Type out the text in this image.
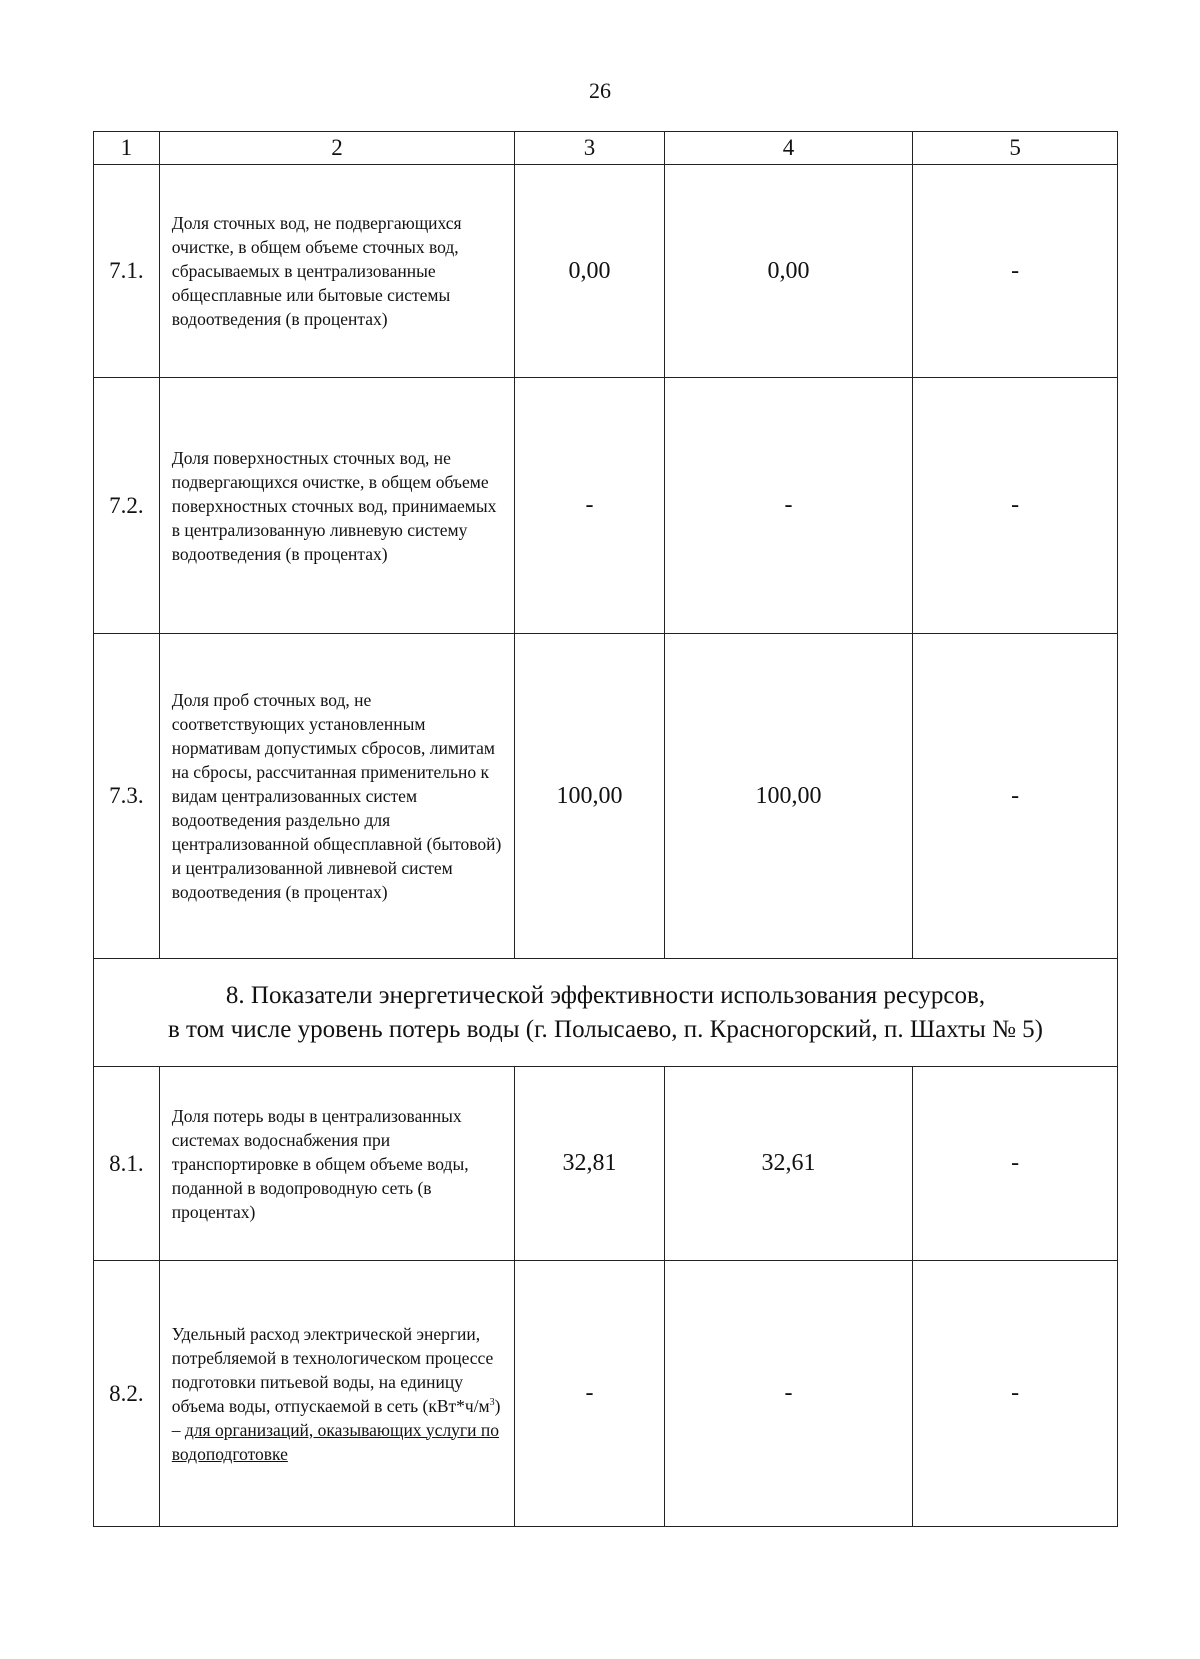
26
1	2	3	4	5
7.1.	Доля сточных вод, не подвергающихся очистке, в общем объеме сточных вод, сбрасываемых в централизованные общесплавные или бытовые системы водоотведения (в процентах)	0,00	0,00	-
7.2.	Доля поверхностных сточных вод, не подвергающихся очистке, в общем объеме поверхностных сточных вод, принимаемых в централизованную ливневую систему водоотведения (в процентах)	-	-	-
7.3.	Доля проб сточных вод, не соответствующих установленным нормативам допустимых сбросов, лимитам на сбросы, рассчитанная применительно к видам централизованных систем водоотведения раздельно для централизованной общесплавной (бытовой) и централизованной ливневой систем водоотведения (в процентах)	100,00	100,00	-

8. Показатели энергетической эффективности использования ресурсов,
в том числе уровень потерь воды (г. Полысаево, п. Красногорский, п. Шахты № 5)				

8.1.	Доля потерь воды в централизованных системах водоснабжения при транспортировке в общем объеме воды, поданной в водопроводную сеть (в процентах)	32,81	32,61	-
8.2.	Удельный расход электрической энергии, потребляемой в технологическом процессе подготовки питьевой воды, на единицу объема воды, отпускаемой в сеть $(кВт*ч/м^3)$ – для организаций, оказывающих услуги по водоподготовке	-	-	-
